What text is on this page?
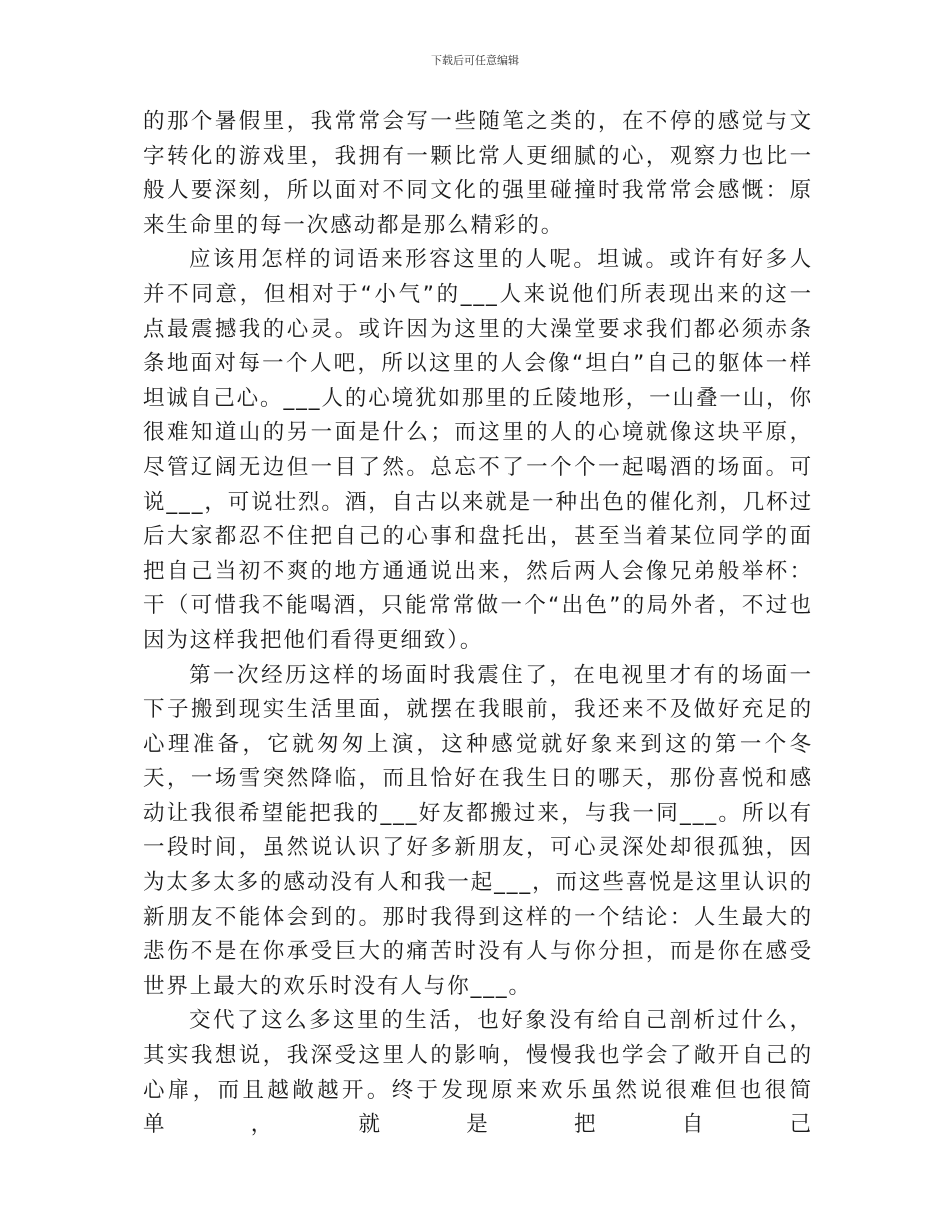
下载后可任意编辑

的那个暑假里，我常常会写一些随笔之类的，在不停的感觉与文字转化的游戏里，我拥有一颗比常人更细腻的心，观察力也比一般人要深刻，所以面对不同文化的强里碰撞时我常常会感慨：原来生命里的每一次感动都是那么精彩的。

应该用怎样的词语来形容这里的人呢。坦诚。或许有好多人并不同意，但相对于“小气”的___人来说他们所表现出来的这一点最震撼我的心灵。或许因为这里的大澡堂要求我们都必须赤条条地面对每一个人吧，所以这里的人会像“坦白”自己的躯体一样坦诚自己心。___人的心境犹如那里的丘陵地形，一山叠一山，你很难知道山的另一面是什么；而这里的人的心境就像这块平原，尽管辽阔无边但一目了然。总忘不了一个个一起喝酒的场面。可说___，可说壮烈。酒，自古以来就是一种出色的催化剂，几杯过后大家都忍不住把自己的心事和盘托出，甚至当着某位同学的面把自己当初不爽的地方通通说出来，然后两人会像兄弟般举杯：干（可惜我不能喝酒，只能常常做一个“出色”的局外者，不过也因为这样我把他们看得更细致）。

第一次经历这样的场面时我震住了，在电视里才有的场面一下子搬到现实生活里面，就摆在我眼前，我还来不及做好充足的心理准备，它就匆匆上演，这种感觉就好象来到这的第一个冬天，一场雪突然降临，而且恰好在我生日的哪天，那份喜悦和感动让我很希望能把我的___好友都搬过来，与我一同___。所以有一段时间，虽然说认识了好多新朋友，可心灵深处却很孤独，因为太多太多的感动没有人和我一起___，而这些喜悦是这里认识的新朋友不能体会到的。那时我得到这样的一个结论：人生最大的悲伤不是在你承受巨大的痛苦时没有人与你分担，而是你在感受世界上最大的欢乐时没有人与你___。

交代了这么多这里的生活，也好象没有给自己剖析过什么，其实我想说，我深受这里人的影响，慢慢我也学会了敞开自己的心扉，而且越敞越开。终于发现原来欢乐虽然说很难但也很简单，就是把自己
